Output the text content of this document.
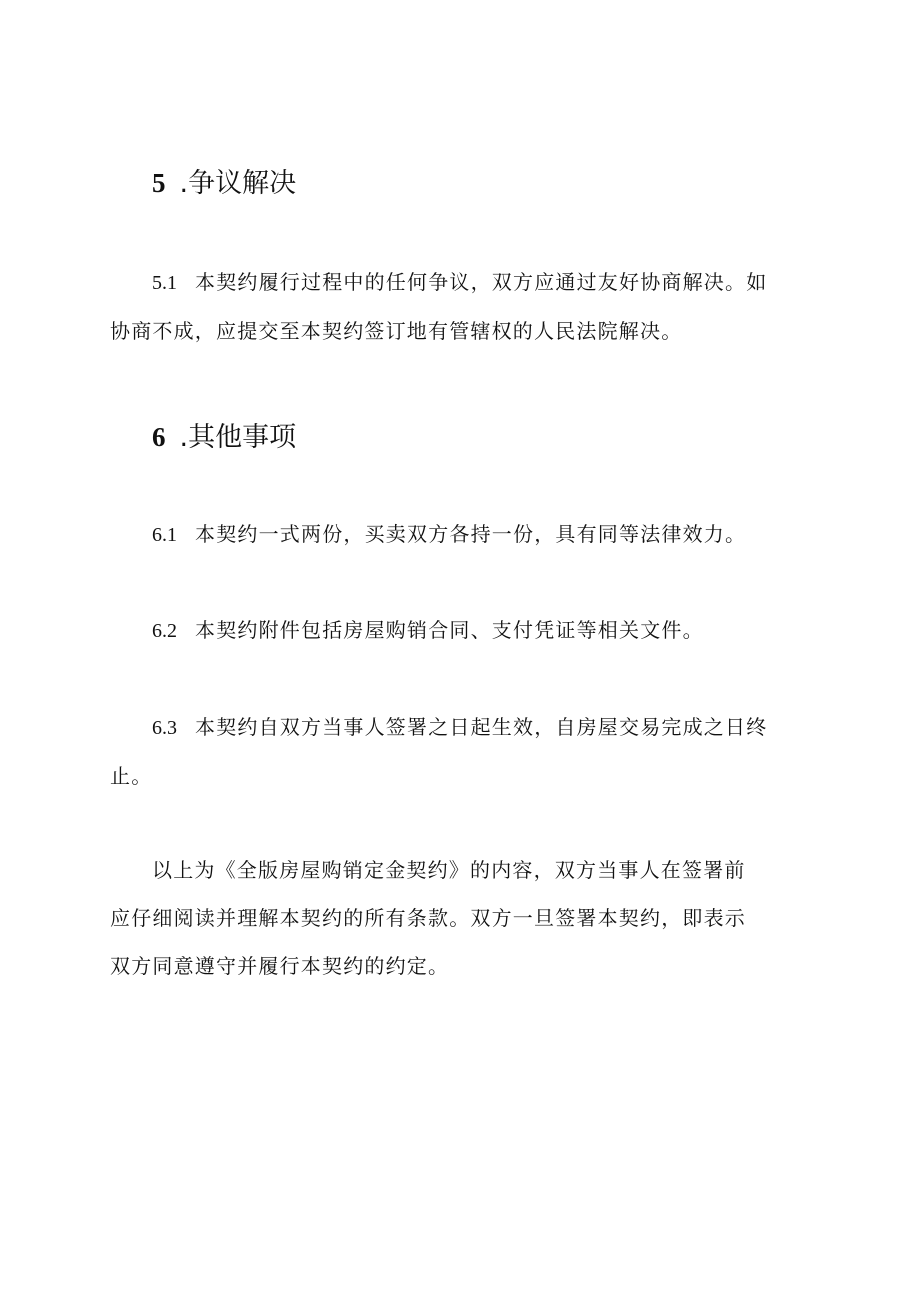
5 .争议解决
5.1 本契约履行过程中的任何争议，双方应通过友好协商解决。如
协商不成，应提交至本契约签订地有管辖权的人民法院解决。
6 .其他事项
6.1 本契约一式两份，买卖双方各持一份，具有同等法律效力。
6.2 本契约附件包括房屋购销合同、支付凭证等相关文件。
6.3 本契约自双方当事人签署之日起生效，自房屋交易完成之日终
止。
以上为《全版房屋购销定金契约》的内容，双方当事人在签署前
应仔细阅读并理解本契约的所有条款。双方一旦签署本契约，即表示
双方同意遵守并履行本契约的约定。
